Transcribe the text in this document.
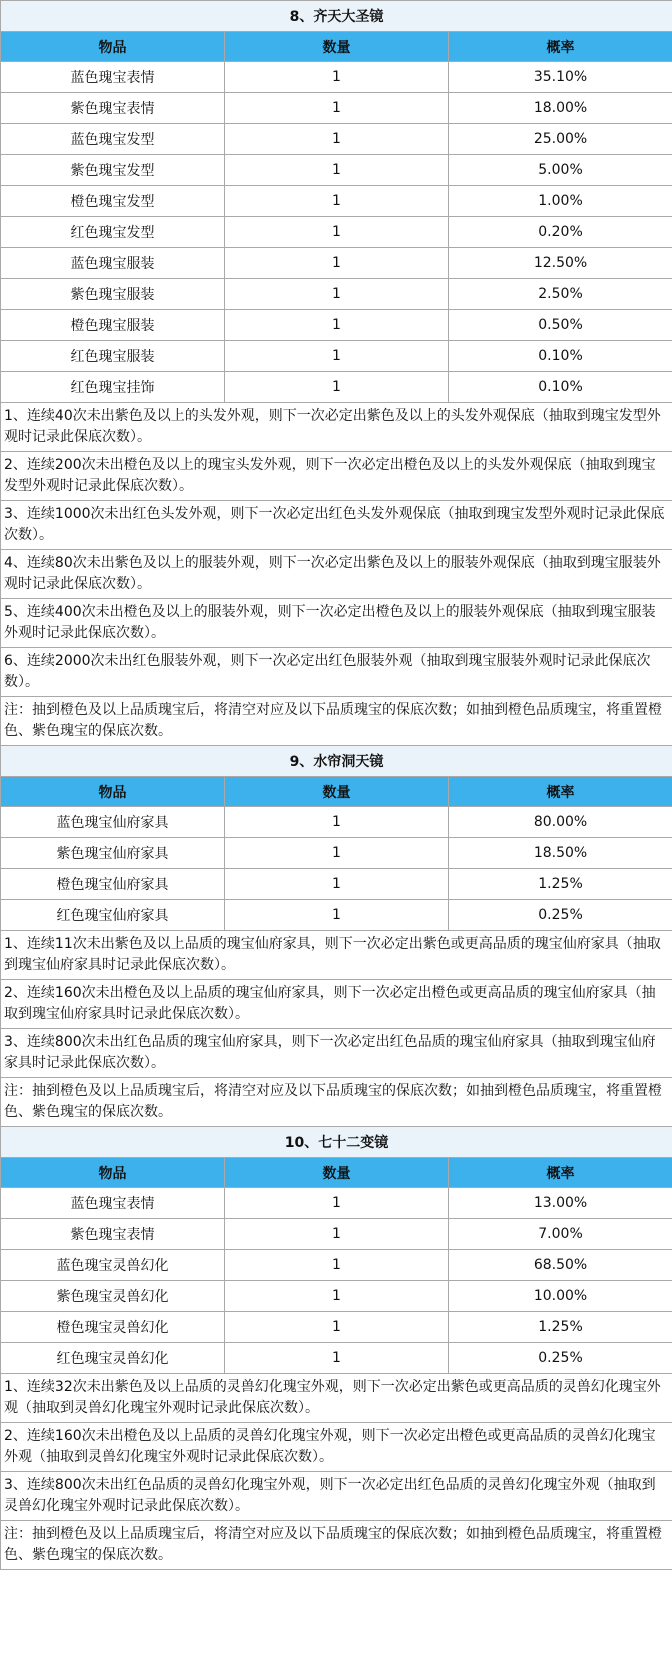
8、齐天大圣镜		
物品	数量	概率
蓝色瑰宝表情	1	35.10%
紫色瑰宝表情	1	18.00%
蓝色瑰宝发型	1	25.00%
紫色瑰宝发型	1	5.00%
橙色瑰宝发型	1	1.00%
红色瑰宝发型	1	0.20%
蓝色瑰宝服装	1	12.50%
紫色瑰宝服装	1	2.50%
橙色瑰宝服装	1	0.50%
红色瑰宝服装	1	0.10%
红色瑰宝挂饰	1	0.10%
1、连续40次未出紫色及以上的头发外观，则下一次必定出紫色及以上的头发外观保底（抽取到瑰宝发型外观时记录此保底次数）。		
2、连续200次未出橙色及以上的瑰宝头发外观，则下一次必定出橙色及以上的头发外观保底（抽取到瑰宝发型外观时记录此保底次数）。		
3、连续1000次未出红色头发外观，则下一次必定出红色头发外观保底（抽取到瑰宝发型外观时记录此保底次数）。		
4、连续80次未出紫色及以上的服装外观，则下一次必定出紫色及以上的服装外观保底（抽取到瑰宝服装外观时记录此保底次数）。		
5、连续400次未出橙色及以上的服装外观，则下一次必定出橙色及以上的服装外观保底（抽取到瑰宝服装外观时记录此保底次数）。		
6、连续2000次未出红色服装外观，则下一次必定出红色服装外观（抽取到瑰宝服装外观时记录此保底次数）。		
注：抽到橙色及以上品质瑰宝后，将清空对应及以下品质瑰宝的保底次数；如抽到橙色品质瑰宝，将重置橙色、紫色瑰宝的保底次数。		
9、水帘洞天镜		
物品	数量	概率
蓝色瑰宝仙府家具	1	80.00%
紫色瑰宝仙府家具	1	18.50%
橙色瑰宝仙府家具	1	1.25%
红色瑰宝仙府家具	1	0.25%
1、连续11次未出紫色及以上品质的瑰宝仙府家具，则下一次必定出紫色或更高品质的瑰宝仙府家具（抽取到瑰宝仙府家具时记录此保底次数）。		
2、连续160次未出橙色及以上品质的瑰宝仙府家具，则下一次必定出橙色或更高品质的瑰宝仙府家具（抽取到瑰宝仙府家具时记录此保底次数）。		
3、连续800次未出红色品质的瑰宝仙府家具，则下一次必定出红色品质的瑰宝仙府家具（抽取到瑰宝仙府家具时记录此保底次数）。		
注：抽到橙色及以上品质瑰宝后，将清空对应及以下品质瑰宝的保底次数；如抽到橙色品质瑰宝，将重置橙色、紫色瑰宝的保底次数。		
10、七十二变镜		
物品	数量	概率
蓝色瑰宝表情	1	13.00%
紫色瑰宝表情	1	7.00%
蓝色瑰宝灵兽幻化	1	68.50%
紫色瑰宝灵兽幻化	1	10.00%
橙色瑰宝灵兽幻化	1	1.25%
红色瑰宝灵兽幻化	1	0.25%
1、连续32次未出紫色及以上品质的灵兽幻化瑰宝外观，则下一次必定出紫色或更高品质的灵兽幻化瑰宝外观（抽取到灵兽幻化瑰宝外观时记录此保底次数）。		
2、连续160次未出橙色及以上品质的灵兽幻化瑰宝外观，则下一次必定出橙色或更高品质的灵兽幻化瑰宝外观（抽取到灵兽幻化瑰宝外观时记录此保底次数）。		
3、连续800次未出红色品质的灵兽幻化瑰宝外观，则下一次必定出红色品质的灵兽幻化瑰宝外观（抽取到灵兽幻化瑰宝外观时记录此保底次数）。		
注：抽到橙色及以上品质瑰宝后，将清空对应及以下品质瑰宝的保底次数；如抽到橙色品质瑰宝，将重置橙色、紫色瑰宝的保底次数。		
